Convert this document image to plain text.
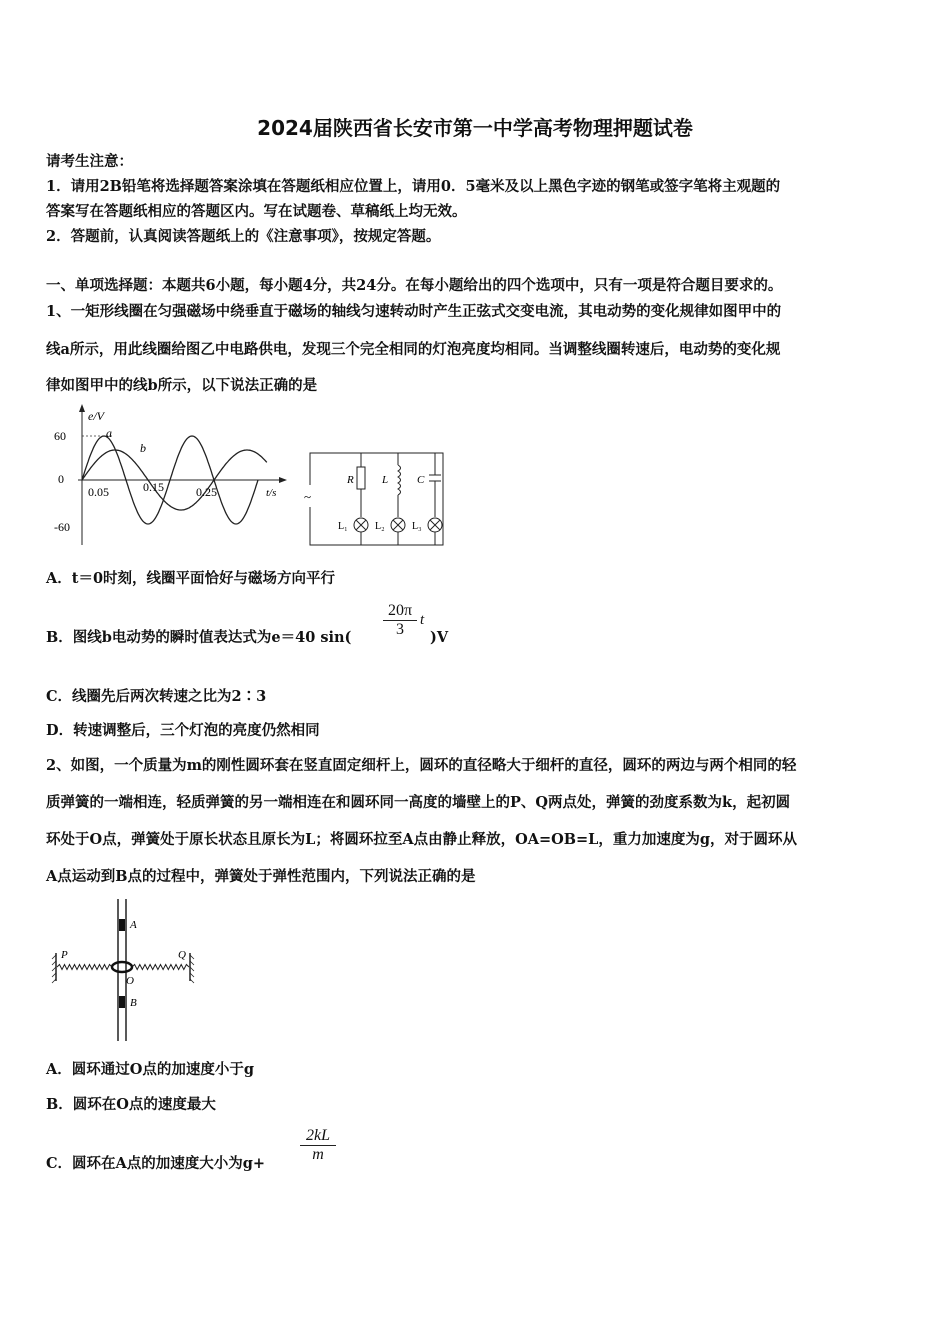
2024届陕西省长安市第一中学高考物理押题试卷
请考生注意：
1．请用2B铅笔将选择题答案涂填在答题纸相应位置上，请用0．5毫米及以上黑色字迹的钢笔或签字笔将主观题的
答案写在答题纸相应的答题区内。写在试题卷、草稿纸上均无效。
2．答题前，认真阅读答题纸上的《注意事项》，按规定答题。
一、单项选择题：本题共6小题，每小题4分，共24分。在每小题给出的四个选项中，只有一项是符合题目要求的。
1、一矩形线圈在匀强磁场中绕垂直于磁场的轴线匀速转动时产生正弦式交变电流，其电动势的变化规律如图甲中的
线a所示，用此线圈给图乙中电路供电，发现三个完全相同的灯泡亮度均相同。当调整线圈转速后，电动势的变化规
律如图甲中的线b所示，以下说法正确的是
e/V
60
0
-60
0.05	0.15	0.25	t/s
a
b
~
R	L	C
L₁	L₂	L₃
A．t＝0时刻，线圈平面恰好与磁场方向平行
B．图线b电动势的瞬时值表达式为e＝40 sin(
20π
3
t
)V
C．线圈先后两次转速之比为2∶3
D．转速调整后，三个灯泡的亮度仍然相同
2、如图，一个质量为m的刚性圆环套在竖直固定细杆上，圆环的直径略大于细杆的直径，圆环的两边与两个相同的轻
质弹簧的一端相连，轻质弹簧的另一端相连在和圆环同一高度的墙壁上的P、Q两点处，弹簧的劲度系数为k，起初圆
环处于O点，弹簧处于原长状态且原长为L；将圆环拉至A点由静止释放，OA=OB=L，重力加速度为g，对于圆环从
A点运动到B点的过程中，弹簧处于弹性范围内，下列说法正确的是
A
B
O
P	Q
A．圆环通过O点的加速度小于g
B．圆环在O点的速度最大
C．圆环在A点的加速度大小为g+
2kL
m
